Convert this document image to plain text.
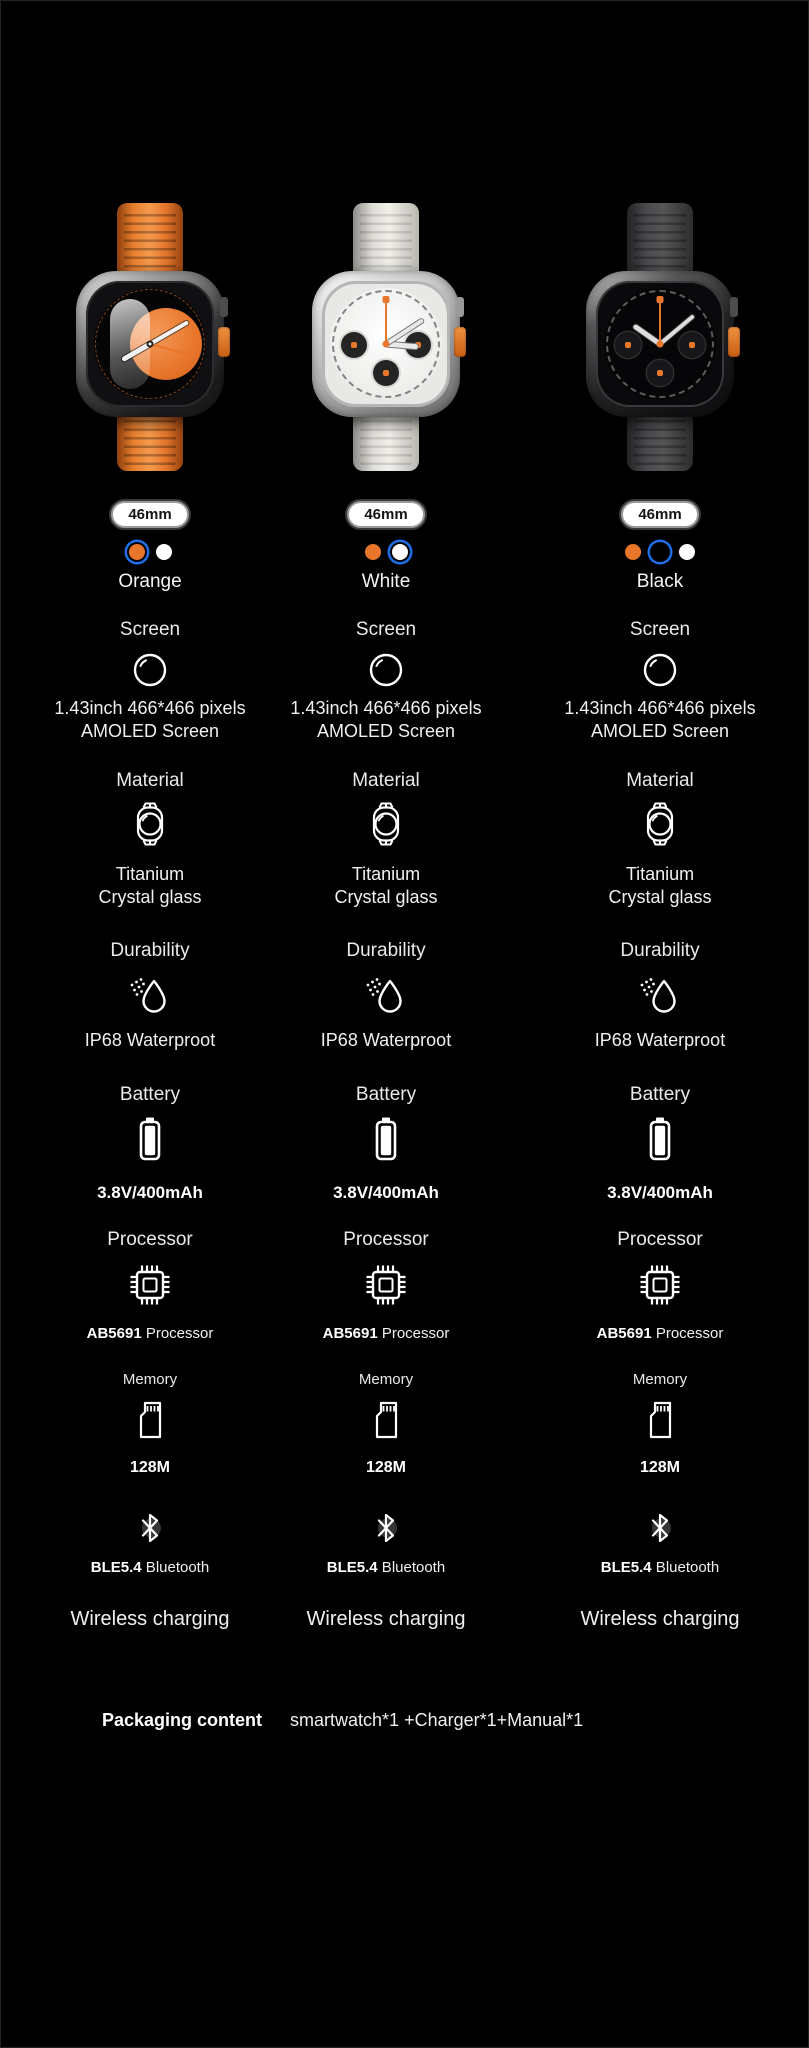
46mm
Orange
Screen
1.43inch 466*466 pixels
AMOLED Screen
Material
Titanium
Crystal glass
Durability
IP68 Waterproot
Battery
3.8V/400mAh
Processor
AB5691 Processor
Memory
128M
BLE5.4 Bluetooth
Wireless charging
46mm
White
Screen
1.43inch 466*466 pixels
AMOLED Screen
Material
Titanium
Crystal glass
Durability
IP68 Waterproot
Battery
3.8V/400mAh
Processor
AB5691 Processor
Memory
128M
BLE5.4 Bluetooth
Wireless charging
46mm
Black
Screen
1.43inch 466*466 pixels
AMOLED Screen
Material
Titanium
Crystal glass
Durability
IP68 Waterproot
Battery
3.8V/400mAh
Processor
AB5691 Processor
Memory
128M
BLE5.4 Bluetooth
Wireless charging
Packaging content smartwatch*1 +Charger*1+Manual*1
